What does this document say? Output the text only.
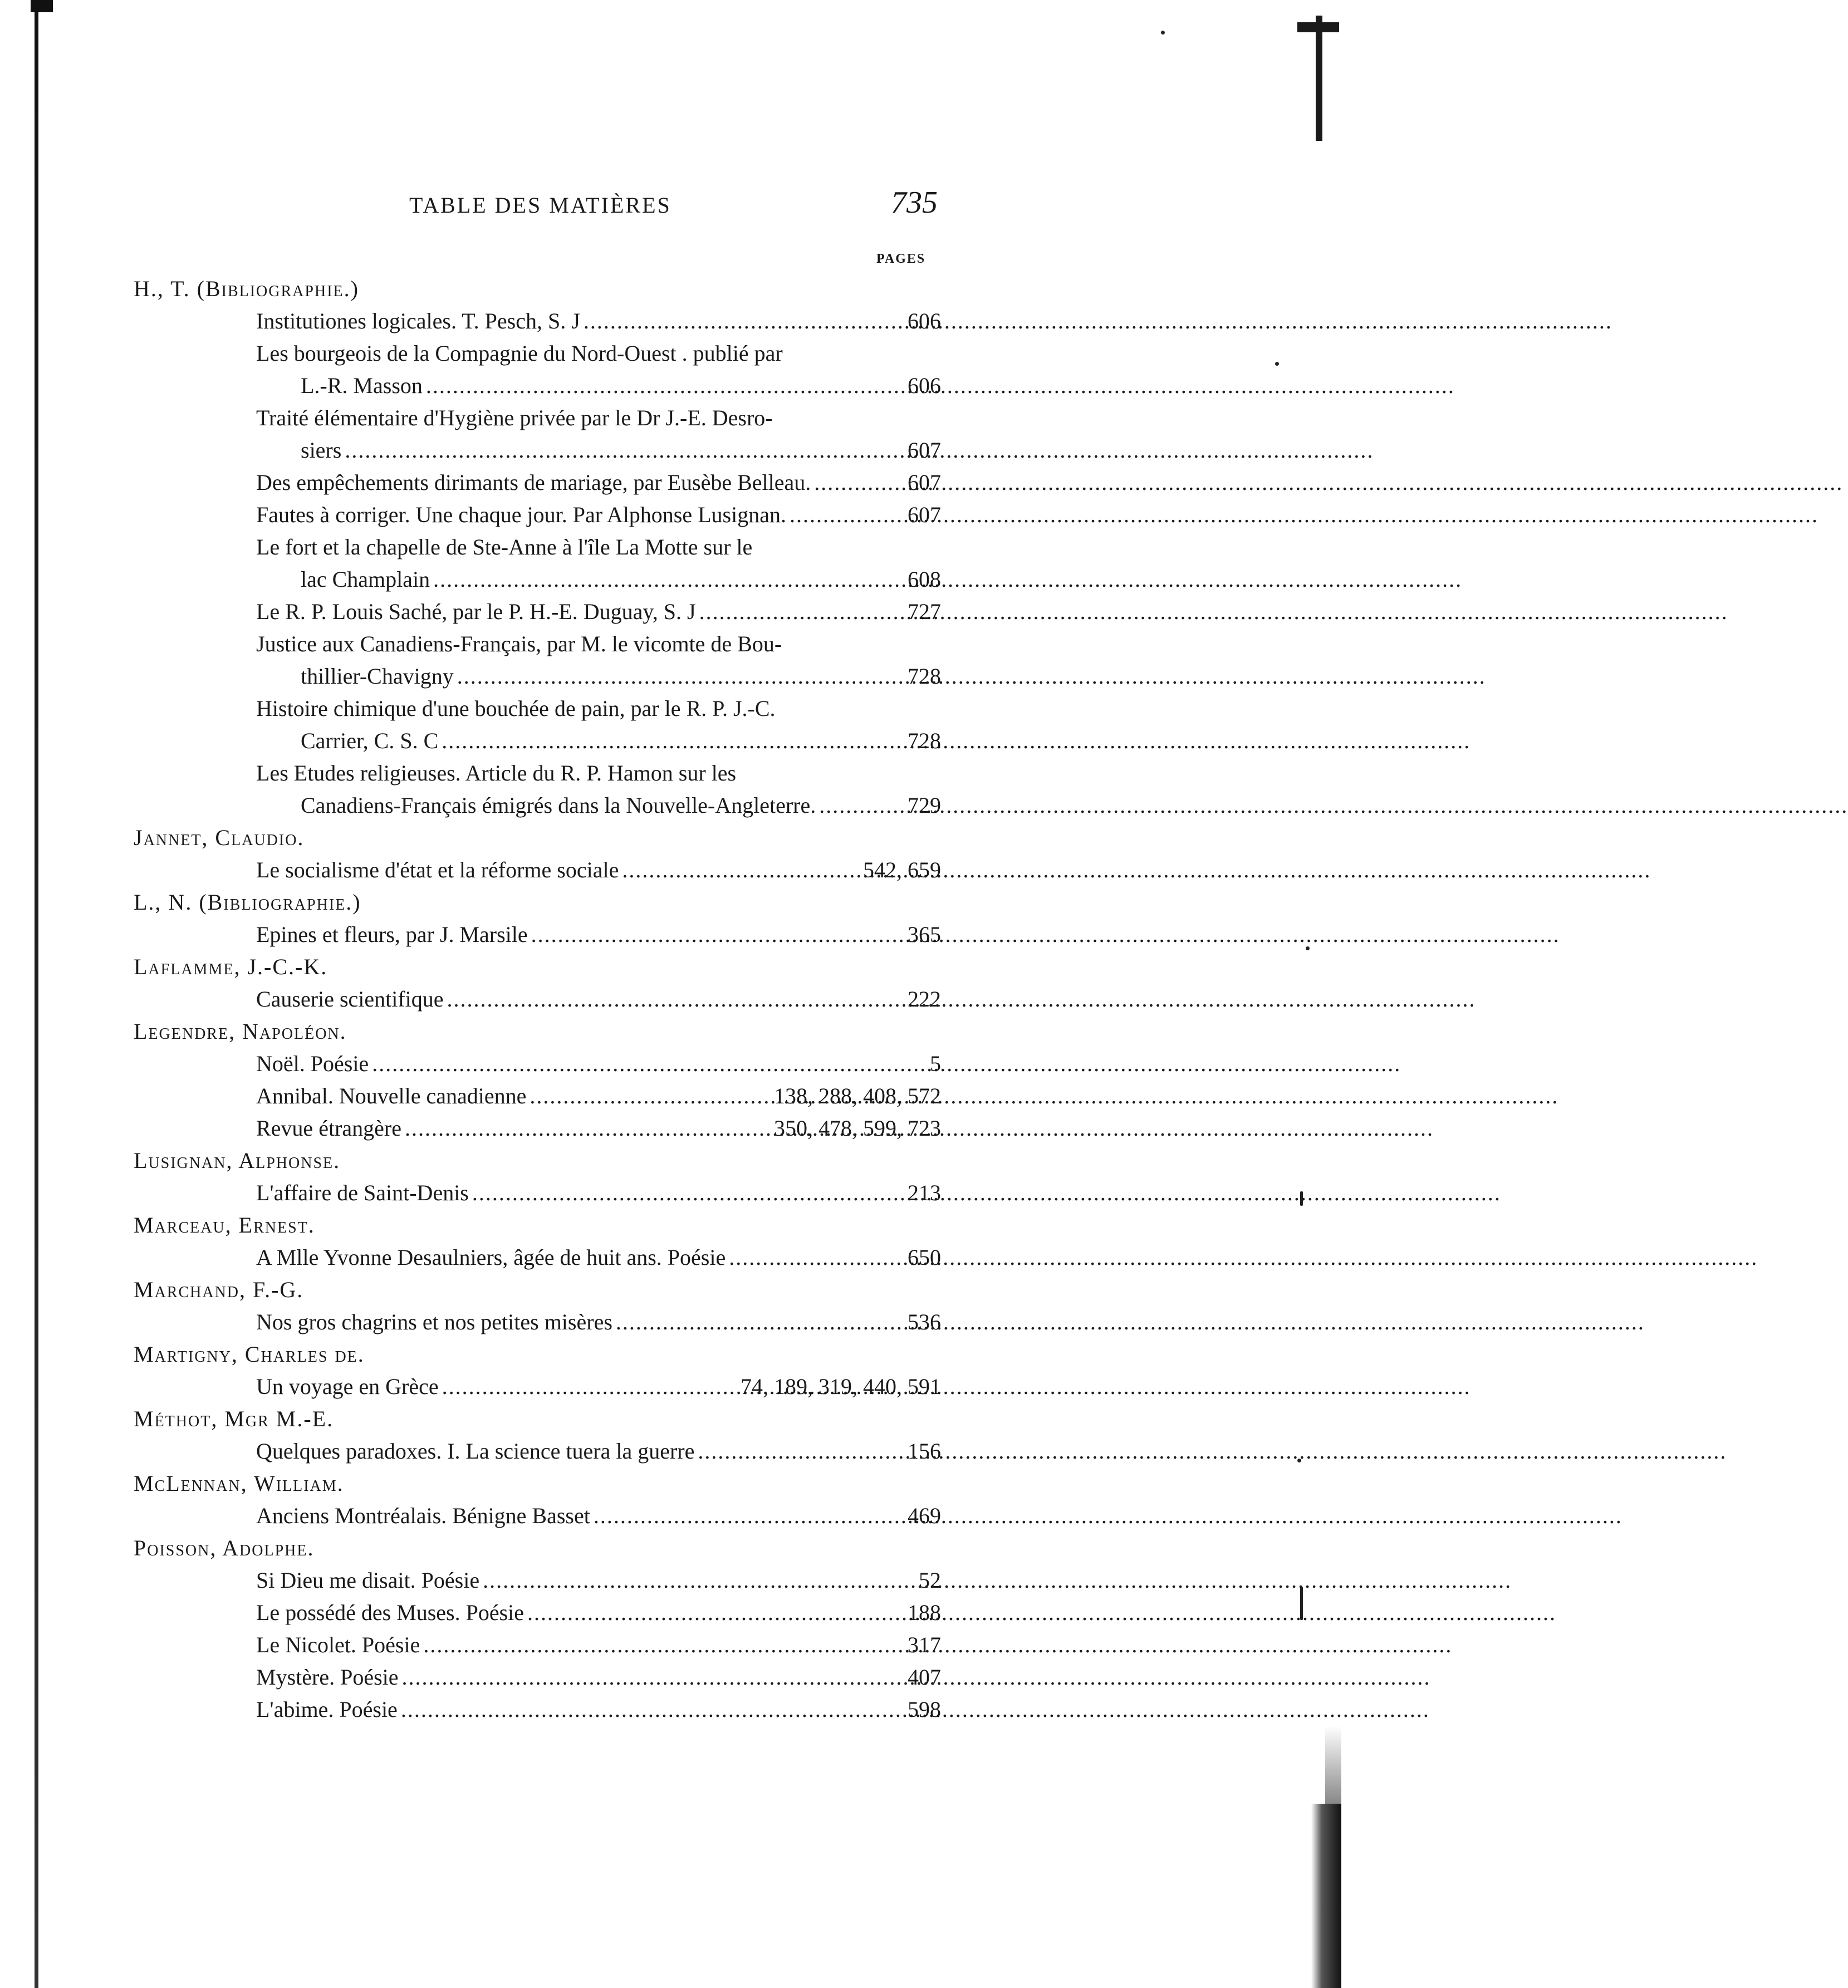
TABLE DES MATIÈRES	735
PAGES
H., T. (Bibliographie.)
Institutiones logicales. T. Pesch, S. J .....	606
Les bourgeois de la Compagnie du Nord-Ouest . publié par
L.-R. Masson .....	606
Traité élémentaire d'Hygiène privée par le Dr J.-E. Desro-
siers .....	607
Des empêchements dirimants de mariage, par Eusèbe Belleau. .....	607
Fautes à corriger. Une chaque jour. Par Alphonse Lusignan. .....	607
Le fort et la chapelle de Ste-Anne à l'île La Motte sur le
lac Champlain .....	608
Le R. P. Louis Saché, par le P. H.-E. Duguay, S. J .....	727
Justice aux Canadiens-Français, par M. le vicomte de Bou-
thillier-Chavigny .....	728
Histoire chimique d'une bouchée de pain, par le R. P. J.-C.
Carrier, C. S. C .....	728
Les Etudes religieuses. Article du R. P. Hamon sur les
Canadiens-Français émigrés dans la Nouvelle-Angleterre. .....	729
Jannet, Claudio.
Le socialisme d'état et la réforme sociale .....	542, 659
L., N. (Bibliographie.)
Epines et fleurs, par J. Marsile .....	365
Laflamme, J.-C.-K.
Causerie scientifique .....	222
Legendre, Napoléon.
Noël. Poésie .....	5
Annibal. Nouvelle canadienne .....	138, 288, 408, 572
Revue étrangère .....	350, 478, 599, 723
Lusignan, Alphonse.
L'affaire de Saint-Denis .....	213
Marceau, Ernest.
A Mlle Yvonne Desaulniers, âgée de huit ans. Poésie .....	650
Marchand, F.-G.
Nos gros chagrins et nos petites misères .....	536
Martigny, Charles de.
Un voyage en Grèce .....	74, 189, 319, 440, 591
Méthot, Mgr M.-E.
Quelques paradoxes. I. La science tuera la guerre .....	156
McLennan, William.
Anciens Montréalais. Bénigne Basset .....	469
Poisson, Adolphe.
Si Dieu me disait. Poésie .....	52
Le possédé des Muses. Poésie .....	188
Le Nicolet. Poésie .....	317
Mystère. Poésie .....	407
L'abime. Poésie .....	598
